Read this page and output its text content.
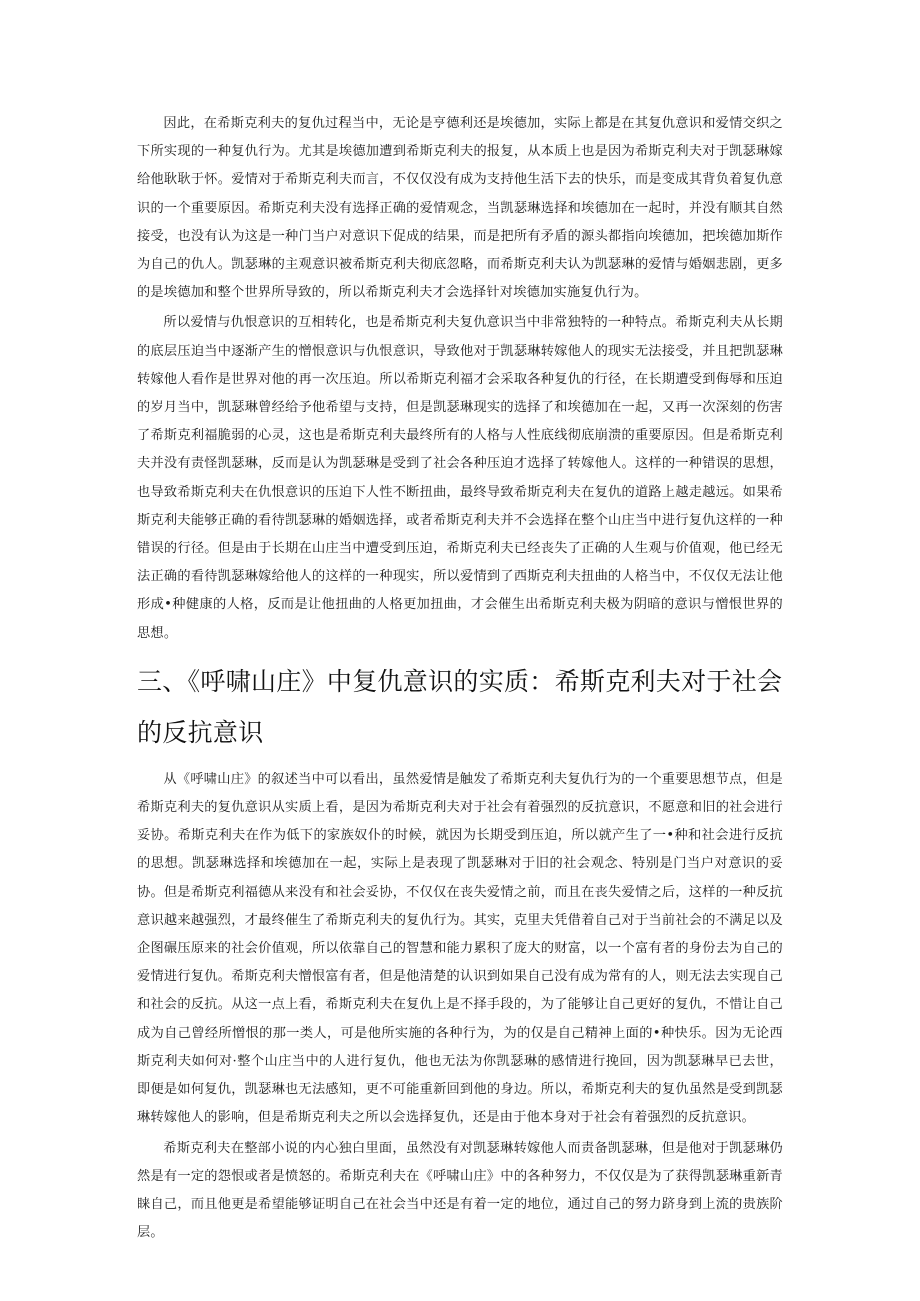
因此，在希斯克利夫的复仇过程当中，无论是亨德利还是埃德加，实际上都是在其复仇意识和爱情交织之下所实现的一种复仇行为。尤其是埃德加遭到希斯克利夫的报复，从本质上也是因为希斯克利夫对于凯瑟琳嫁给他耿耿于怀。爱情对于希斯克利夫而言，不仅仅没有成为支持他生活下去的快乐，而是变成其背负着复仇意识的一个重要原因。希斯克利夫没有选择正确的爱情观念，当凯瑟琳选择和埃德加在一起时，并没有顺其自然接受，也没有认为这是一种门当户对意识下促成的结果，而是把所有矛盾的源头都指向埃德加，把埃德加斯作为自己的仇人。凯瑟琳的主观意识被希斯克利夫彻底忽略，而希斯克利夫认为凯瑟琳的爱情与婚姻悲剧，更多的是埃德加和整个世界所导致的，所以希斯克利夫才会选择针对埃德加实施复仇行为。

所以爱情与仇恨意识的互相转化，也是希斯克利夫复仇意识当中非常独特的一种特点。希斯克利夫从长期的底层压迫当中逐渐产生的憎恨意识与仇恨意识，导致他对于凯瑟琳转嫁他人的现实无法接受，并且把凯瑟琳转嫁他人看作是世界对他的再一次压迫。所以希斯克利福才会采取各种复仇的行径，在长期遭受到侮辱和压迫的岁月当中，凯瑟琳曾经给予他希望与支持，但是凯瑟琳现实的选择了和埃德加在一起，又再一次深刻的伤害了希斯克利福脆弱的心灵，这也是希斯克利夫最终所有的人格与人性底线彻底崩溃的重要原因。但是希斯克利夫并没有责怪凯瑟琳，反而是认为凯瑟琳是受到了社会各种压迫才选择了转嫁他人。这样的一种错误的思想，也导致希斯克利夫在仇恨意识的压迫下人性不断扭曲，最终导致希斯克利夫在复仇的道路上越走越远。如果希斯克利夫能够正确的看待凯瑟琳的婚姻选择，或者希斯克利夫并不会选择在整个山庄当中进行复仇这样的一种错误的行径。但是由于长期在山庄当中遭受到压迫，希斯克利夫已经丧失了正确的人生观与价值观，他已经无法正确的看待凯瑟琳嫁给他人的这样的一种现实，所以爱情到了西斯克利夫扭曲的人格当中，不仅仅无法让他形成•种健康的人格，反而是让他扭曲的人格更加扭曲，才会催生出希斯克利夫极为阴暗的意识与憎恨世界的思想。

三、《呼啸山庄》中复仇意识的实质：希斯克利夫对于社会的反抗意识

从《呼啸山庄》的叙述当中可以看出，虽然爱情是触发了希斯克利夫复仇行为的一个重要思想节点，但是希斯克利夫的复仇意识从实质上看，是因为希斯克利夫对于社会有着强烈的反抗意识，不愿意和旧的社会进行妥协。希斯克利夫在作为低下的家族奴仆的时候，就因为长期受到压迫，所以就产生了一•种和社会进行反抗的思想。凯瑟琳选择和埃德加在一起，实际上是表现了凯瑟琳对于旧的社会观念、特别是门当户对意识的妥协。但是希斯克利福德从来没有和社会妥协，不仅仅在丧失爱情之前，而且在丧失爱情之后，这样的一种反抗意识越来越强烈，才最终催生了希斯克利夫的复仇行为。其实，克里夫凭借着自己对于当前社会的不满足以及企图碾压原来的社会价值观，所以依靠自己的智慧和能力累积了庞大的财富，以一个富有者的身份去为自己的爱情进行复仇。希斯克利夫憎恨富有者，但是他清楚的认识到如果自己没有成为常有的人，则无法去实现自己和社会的反抗。从这一点上看，希斯克利夫在复仇上是不择手段的，为了能够让自己更好的复仇，不惜让自己成为自己曾经所憎恨的那一类人，可是他所实施的各种行为，为的仅是自己精神上面的•种快乐。因为无论西斯克利夫如何对·整个山庄当中的人进行复仇，他也无法为你凯瑟琳的感情进行挽回，因为凯瑟琳早已去世，即便是如何复仇，凯瑟琳也无法感知，更不可能重新回到他的身边。所以，希斯克利夫的复仇虽然是受到凯瑟琳转嫁他人的影响，但是希斯克利夫之所以会选择复仇，还是由于他本身对于社会有着强烈的反抗意识。

希斯克利夫在整部小说的内心独白里面，虽然没有对凯瑟琳转嫁他人而责备凯瑟琳，但是他对于凯瑟琳仍然是有一定的怨恨或者是愤怒的。希斯克利夫在《呼啸山庄》中的各种努力，不仅仅是为了获得凯瑟琳重新青睐自己，而且他更是希望能够证明自己在社会当中还是有着一定的地位，通过自己的努力跻身到上流的贵族阶层。
